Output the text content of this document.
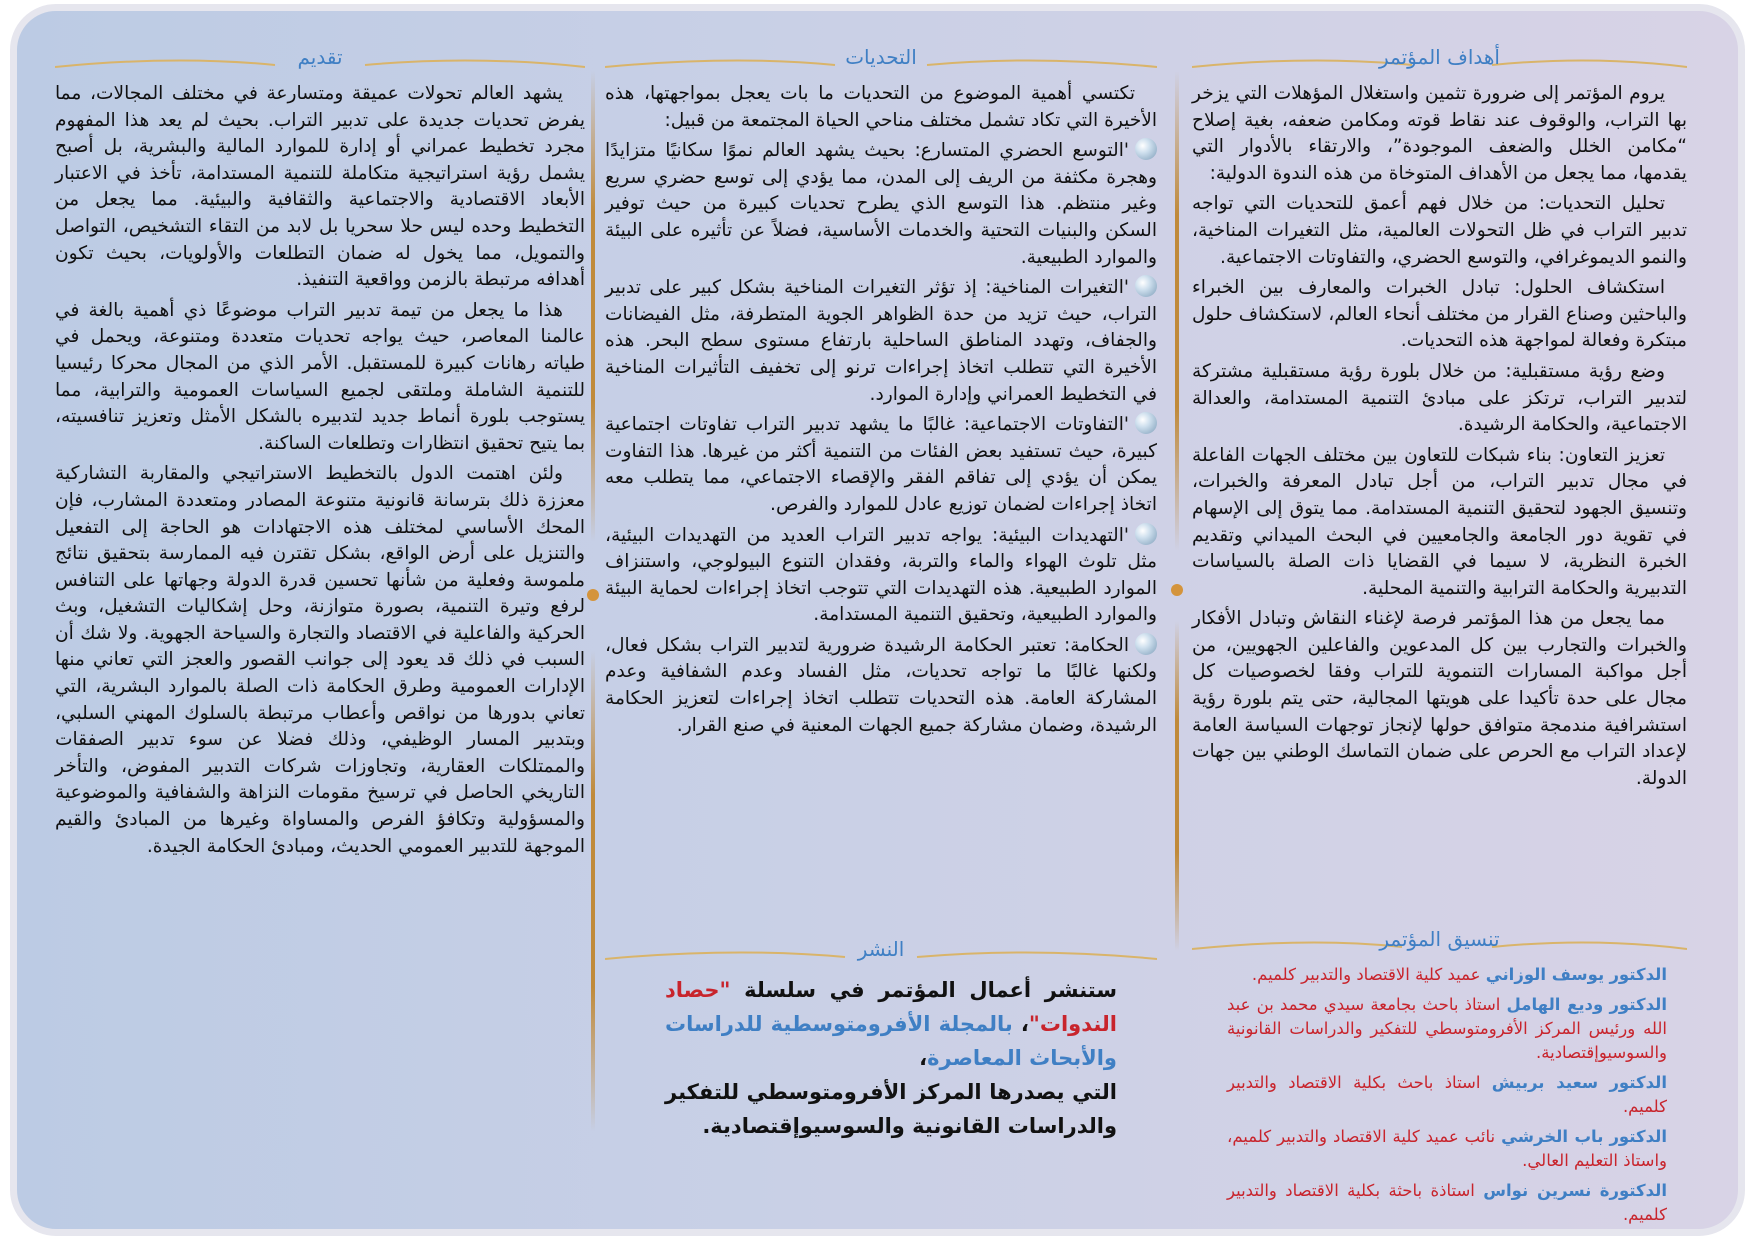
أهداف المؤتمر

يروم المؤتمر إلى ضرورة تثمين واستغلال المؤهلات التي يزخر بها التراب، والوقوف عند نقاط قوته ومكامن ضعفه، بغية إصلاح “مكامن الخلل والضعف الموجودة”، والارتقاء بالأدوار التي يقدمها، مما يجعل من الأهداف المتوخاة من هذه الندوة الدولية:

تحليل التحديات: من خلال فهم أعمق للتحديات التي تواجه تدبير التراب في ظل التحولات العالمية، مثل التغيرات المناخية، والنمو الديموغرافي، والتوسع الحضري، والتفاوتات الاجتماعية.

استكشاف الحلول: تبادل الخبرات والمعارف بين الخبراء والباحثين وصناع القرار من مختلف أنحاء العالم، لاستكشاف حلول مبتكرة وفعالة لمواجهة هذه التحديات.

وضع رؤية مستقبلية: من خلال بلورة رؤية مستقبلية مشتركة لتدبير التراب، ترتكز على مبادئ التنمية المستدامة، والعدالة الاجتماعية، والحكامة الرشيدة.

تعزيز التعاون: بناء شبكات للتعاون بين مختلف الجهات الفاعلة في مجال تدبير التراب، من أجل تبادل المعرفة والخبرات، وتنسيق الجهود لتحقيق التنمية المستدامة. مما يتوق إلى الإسهام في تقوية دور الجامعة والجامعيين في البحث الميداني وتقديم الخبرة النظرية، لا سيما في القضايا ذات الصلة بالسياسات التدبيرية والحكامة الترابية والتنمية المحلية.

مما يجعل من هذا المؤتمر فرصة لإغناء النقاش وتبادل الأفكار والخبرات والتجارب بين كل المدعوين والفاعلين الجهويين، من أجل مواكبة المسارات التنموية للتراب وفقا لخصوصيات كل مجال على حدة تأكيدا على هويتها المجالية، حتى يتم بلورة رؤية استشرافية مندمجة متوافق حولها لإنجاز توجهات السياسة العامة لإعداد التراب مع الحرص على ضمان التماسك الوطني بين جهات الدولة.

تنسيق المؤتمر

الدكتور يوسف الوزاني عميد كلية الاقتصاد والتدبير كلميم.

الدكتور وديع الهامل استاذ باحث بجامعة سيدي محمد بن عبد الله ورئيس المركز الأفرومتوسطي للتفكير والدراسات القانونية والسوسيوإقتصادية.

الدكتور سعيد بربيش استاذ باحث بكلية الاقتصاد والتدبير كلميم.

الدكتور باب الخرشي نائب عميد كلية الاقتصاد والتدبير كلميم، واستاذ التعليم العالي.

الدكتورة نسرين نواس استاذة باحثة بكلية الاقتصاد والتدبير كلميم.

التحديات

تكتسي أهمية الموضوع من التحديات ما بات يعجل بمواجهتها، هذه الأخيرة التي تكاد تشمل مختلف مناحي الحياة المجتمعة من قبيل:

'التوسع الحضري المتسارع: بحيث يشهد العالم نموًا سكانيًا متزايدًا وهجرة مكثفة من الريف إلى المدن، مما يؤدي إلى توسع حضري سريع وغير منتظم. هذا التوسع الذي يطرح تحديات كبيرة من حيث توفير السكن والبنيات التحتية والخدمات الأساسية، فضلاً عن تأثيره على البيئة والموارد الطبيعية.

'التغيرات المناخية: إذ تؤثر التغيرات المناخية بشكل كبير على تدبير التراب، حيث تزيد من حدة الظواهر الجوية المتطرفة، مثل الفيضانات والجفاف، وتهدد المناطق الساحلية بارتفاع مستوى سطح البحر. هذه الأخيرة التي تتطلب اتخاذ إجراءات ترنو إلى تخفيف التأثيرات المناخية في التخطيط العمراني وإدارة الموارد.

'التفاوتات الاجتماعية: غالبًا ما يشهد تدبير التراب تفاوتات اجتماعية كبيرة، حيث تستفيد بعض الفئات من التنمية أكثر من غيرها. هذا التفاوت يمكن أن يؤدي إلى تفاقم الفقر والإقصاء الاجتماعي، مما يتطلب معه اتخاذ إجراءات لضمان توزيع عادل للموارد والفرص.

'التهديدات البيئية: يواجه تدبير التراب العديد من التهديدات البيئية، مثل تلوث الهواء والماء والتربة، وفقدان التنوع البيولوجي، واستنزاف الموارد الطبيعية. هذه التهديدات التي تتوجب اتخاذ إجراءات لحماية البيئة والموارد الطبيعية، وتحقيق التنمية المستدامة.

الحكامة: تعتبر الحكامة الرشيدة ضرورية لتدبير التراب بشكل فعال، ولكنها غالبًا ما تواجه تحديات، مثل الفساد وعدم الشفافية وعدم المشاركة العامة. هذه التحديات تتطلب اتخاذ إجراءات لتعزيز الحكامة الرشيدة، وضمان مشاركة جميع الجهات المعنية في صنع القرار.

النشر
ستنشر أعمال المؤتمر في سلسلة "حصاد الندوات"، بالمجلة الأفرومتوسطية للدراسات والأبحاث المعاصرة،
التي يصدرها المركز الأفرومتوسطي للتفكير والدراسات القانونية والسوسيوإقتصادية.
تقديم

يشهد العالم تحولات عميقة ومتسارعة في مختلف المجالات، مما يفرض تحديات جديدة على تدبير التراب. بحيث لم يعد هذا المفهوم مجرد تخطيط عمراني أو إدارة للموارد المالية والبشرية، بل أصبح يشمل رؤية استراتيجية متكاملة للتنمية المستدامة، تأخذ في الاعتبار الأبعاد الاقتصادية والاجتماعية والثقافية والبيئية. مما يجعل من التخطيط وحده ليس حلا سحريا بل لابد من التقاء التشخيص، التواصل والتمويل، مما يخول له ضمان التطلعات والأولويات، بحيث تكون أهدافه مرتبطة بالزمن وواقعية التنفيذ.

هذا ما يجعل من تيمة تدبير التراب موضوعًا ذي أهمية بالغة في عالمنا المعاصر، حيث يواجه تحديات متعددة ومتنوعة، ويحمل في طياته رهانات كبيرة للمستقبل. الأمر الذي من المجال محركا رئيسيا للتنمية الشاملة وملتقى لجميع السياسات العمومية والترابية، مما يستوجب بلورة أنماط جديد لتدبيره بالشكل الأمثل وتعزيز تنافسيته، بما يتيح تحقيق انتظارات وتطلعات الساكنة.

ولئن اهتمت الدول بالتخطيط الاستراتيجي والمقاربة التشاركية معززة ذلك بترسانة قانونية متنوعة المصادر ومتعددة المشارب، فإن المحك الأساسي لمختلف هذه الاجتهادات هو الحاجة إلى التفعيل والتنزيل على أرض الواقع، بشكل تقترن فيه الممارسة بتحقيق نتائج ملموسة وفعلية من شأنها تحسين قدرة الدولة وجهاتها على التنافس لرفع وتيرة التنمية، بصورة متوازنة، وحل إشكاليات التشغيل، وبث الحركية والفاعلية في الاقتصاد والتجارة والسياحة الجهوية. ولا شك أن السبب في ذلك قد يعود إلى جوانب القصور والعجز التي تعاني منها الإدارات العمومية وطرق الحكامة ذات الصلة بالموارد البشرية، التي تعاني بدورها من نواقص وأعطاب مرتبطة بالسلوك المهني السلبي، وبتدبير المسار الوظيفي، وذلك فضلا عن سوء تدبير الصفقات والممتلكات العقارية، وتجاوزات شركات التدبير المفوض، والتأخر التاريخي الحاصل في ترسيخ مقومات النزاهة والشفافية والموضوعية والمسؤولية وتكافؤ الفرص والمساواة وغيرها من المبادئ والقيم الموجهة للتدبير العمومي الحديث، ومبادئ الحكامة الجيدة.
